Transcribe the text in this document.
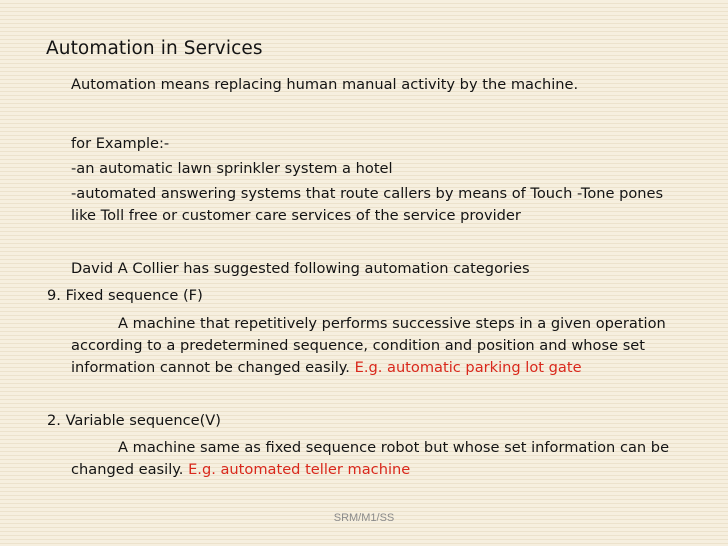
Automation in Services
Automation means replacing human manual activity by the machine.
for Example:-
-an automatic lawn sprinkler system a hotel
-automated answering systems that route callers by means of Touch -Tone pones
like Toll free or customer care services of the service provider
David A Collier has suggested following automation categories
9. Fixed sequence (F)
A machine that repetitively performs successive steps in a given operation
according to a predetermined sequence, condition and position and whose set
information cannot be changed easily. E.g. automatic parking lot gate
2. Variable sequence(V)
A machine same as fixed sequence robot but whose set information can be
changed easily. E.g. automated teller machine
SRM/M1/SS
